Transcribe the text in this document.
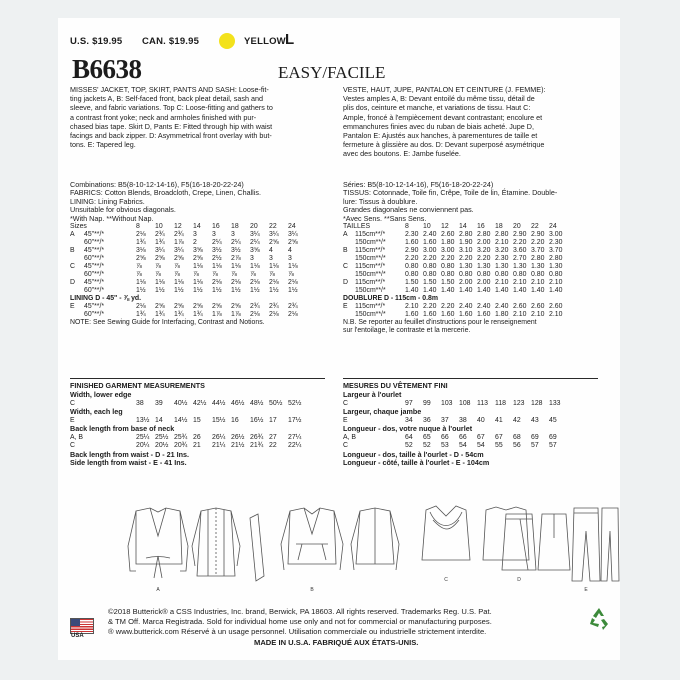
U.S. $19.95 CAN. $19.95	YELLOW L
B6638	EASY/FACILE
MISSES' JACKET, TOP, SKIRT, PANTS AND SASH: Loose-fit-
ting jackets A, B: Self-faced front, back pleat detail, sash and
sleeve, and fabric variations. Top C: Loose-fitting and gathers to
a contrast front yoke; neck and armholes finished with pur-
chased bias tape. Skirt D, Pants E: Fitted through hip with waist
facings and back zipper. D: Asymmetrical front overlay with but-
tons. E: Tapered leg.
VESTE, HAUT, JUPE, PANTALON ET CEINTURE (J. FEMME):
Vestes amples A, B: Devant entoilé du même tissu, détail de
plis dos, ceinture et manche, et variations de tissu. Haut C:
Ample, froncé à l'empiècement devant contrastant; encolure et
emmanchures finies avec du ruban de biais acheté. Jupe D,
Pantalon E: Ajustés aux hanches, à parementures de taille et
fermeture à glissière au dos. D: Devant superposé asymétrique
avec des boutons. E: Jambe fuselée.
Combinations: B5(8-10-12-14-16), F5(16-18-20-22-24)
FABRICS: Cotton Blends, Broadcloth, Crepe, Linen, Challis.
LINING: Lining Fabrics.
Unsuitable for obvious diagonals.
*With Nap. **Without Nap.
Séries: B5(8-10-12-14-16), F5(16-18-20-22-24)
TISSUS: Cotonnade, Toile fin, Crêpe, Toile de lin, Étamine. Double-
lure: Tissus à doublure.
Grandes diagonales ne conviennent pas.
*Avec Sens. **Sans Sens.
Sizes	8 10 12 14 16 18 20 22 24
A 45"**/*	2⅛ 2¾ 2¾ 3 3 3 3¼ 3¼ 3¼
60"**/*	1¾ 1¾ 1⅞ 2 2¼ 2¼ 2¼ 2⅝ 2⅝
B 45"**/*	3⅛ 3¼ 3¼ 3⅝ 3½ 3½ 3⅝ 4 4
60"**/*	2⅝ 2⅝ 2⅝ 2⅝ 2½ 2⅞ 3 3 3
C 45"**/*	⅞ ⅞ ⅞ 1⅛ 1⅛ 1⅛ 1⅛ 1⅛ 1⅛
60"**/*	⅞ ⅞ ⅞ ⅞ ⅞ ⅞ ⅞ ⅞ ⅞
D 45"**/*	1⅛ 1⅛ 1⅛ 1⅛ 2⅛ 2⅛ 2⅛ 2⅛ 2⅛
60"**/*	1½ 1½ 1½ 1½ 1½ 1½ 1½ 1½ 1½
LINING D - 45" - ⅞ yd.
E 45"**/*	2⅛ 2⅝ 2⅝ 2⅝ 2⅝ 2⅝ 2¾ 2¾ 2¾
60"**/*	1¾ 1¾ 1¾ 1¾ 1⅞ 1⅞ 2⅛ 2⅛ 2⅛
NOTE: See Sewing Guide for Interfacing, Contrast and Notions.
TAILLES	8 10 12 14 16 18 20 22 24
A 115cm**/*	2.30 2.40 2.60 2.80 2.80 2.80 2.90 2.90 3.00
150cm**/*	1.60 1.60 1.80 1.90 2.00 2.10 2.20 2.20 2.30
B 115cm**/*	2.90 3.00 3.00 3.10 3.20 3.20 3.60 3.70 3.70
150cm**/*	2.20 2.20 2.20 2.20 2.20 2.30 2.70 2.80 2.80
C 115cm**/*	0.80 0.80 0.80 1.30 1.30 1.30 1.30 1.30 1.30
150cm**/*	0.80 0.80 0.80 0.80 0.80 0.80 0.80 0.80 0.80
D 115cm**/*	1.50 1.50 1.50 2.00 2.00 2.10 2.10 2.10 2.10
150cm**/*	1.40 1.40 1.40 1.40 1.40 1.40 1.40 1.40 1.40
DOUBLURE D - 115cm - 0.8m
E 115cm**/*	2.10 2.20 2.20 2.40 2.40 2.40 2.60 2.60 2.60
150cm**/*	1.60 1.60 1.60 1.60 1.60 1.80 2.10 2.10 2.10
N.B. Se reporter au feuillet d'instructions pour le renseignement
sur l'entoilage, le contraste et la mercerie.
FINISHED GARMENT MEASUREMENTS
Width, lower edge
C	38 39 40½ 42½ 44½ 46½ 48½ 50½ 52½
Width, each leg
E	13½ 14 14½ 15 15½ 16 16½ 17 17½
Back length from base of neck
A, B	25¼ 25½ 25¾ 26 26¼ 26½ 26¾ 27 27¼
C	20¼ 20½ 20¾ 21 21¼ 21½ 21¾ 22 22¼
Back length from waist - D - 21 Ins.
Side length from waist - E - 41 Ins.
MESURES DU VÊTEMENT FINI
Largeur à l'ourlet
C	97 99 103 108 113 118 123 128 133
Largeur, chaque jambe
E	34 36 37 38 40 41 42 43 45
Longueur - dos, votre nuque à l'ourlet
A, B	64 65 66 66 67 67 68 69 69
C	52 52 53 54 54 55 56 57 57
Longueur - dos, taille à l'ourlet - D - 54cm
Longueur - côté, taille à l'ourlet - E - 104cm
A	B
C	D
E
USA
©2018 Butterick® a CSS Industries, Inc. brand, Berwick, PA 18603. All rights reserved. Trademarks Reg. U.S. Pat.
& TM Off. Marca Registrada. Sold for individual home use only and not for commercial or manufacturing purposes.
® www.butterick.com Réservé à un usage personnel. Utilisation commerciale ou industrielle strictement interdite.
MADE IN U.S.A. FABRIQUÉ AUX ÉTATS-UNIS.
